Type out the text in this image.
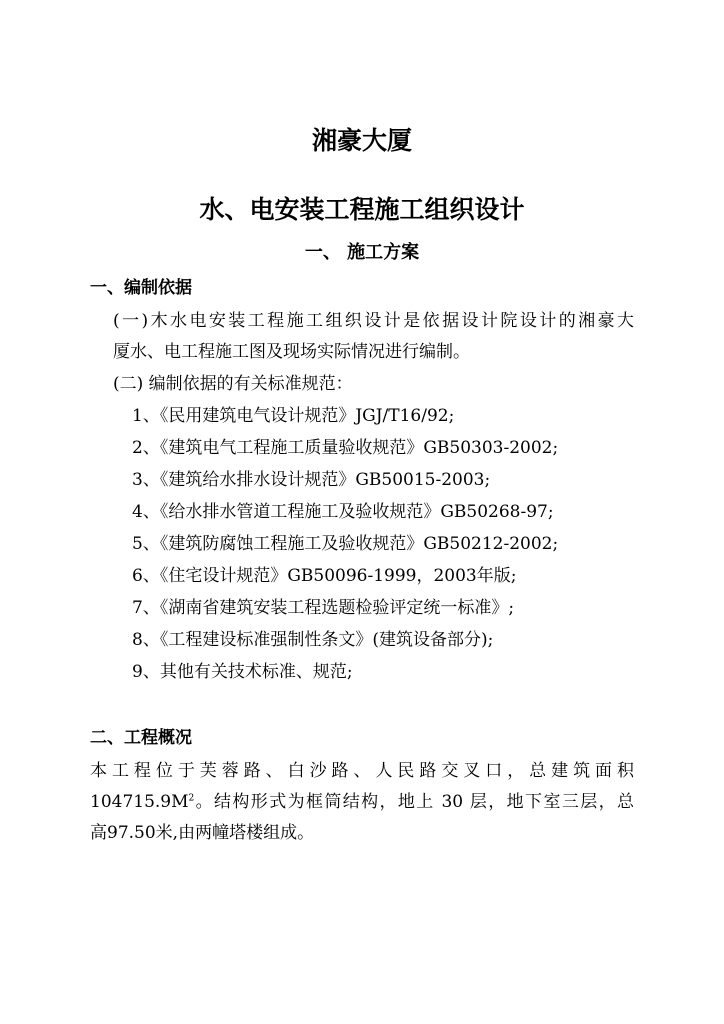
湘豪大厦
水、电安装工程施工组织设计
一、 施工方案
一、编制依据
(一)木水电安装工程施工组织设计是依据设计院设计的湘豪大
厦水、电工程施工图及现场实际情况进行编制。
(二) 编制依据的有关标准规范：
1、《民用建筑电气设计规范》JGJ/T16/92;
2、《建筑电气工程施工质量验收规范》GB50303-2002;
3、《建筑给水排水设计规范》GB50015-2003;
4、《给水排水管道工程施工及验收规范》GB50268-97;
5、《建筑防腐蚀工程施工及验收规范》GB50212-2002;
6、《住宅设计规范》GB50096-1999，2003年版;
7、《湖南省建筑安装工程选题检验评定统一标准》;
8、《工程建设标准强制性条文》(建筑设备部分);
9、其他有关技术标准、规范;
二、工程概况
本工程位于芙蓉路、白沙路、人民路交叉口，总建筑面积
$104715.9M^2$。结构形式为框筒结构，地上 30 层，地下室三层，总
高97.50米,由两幢塔楼组成。
